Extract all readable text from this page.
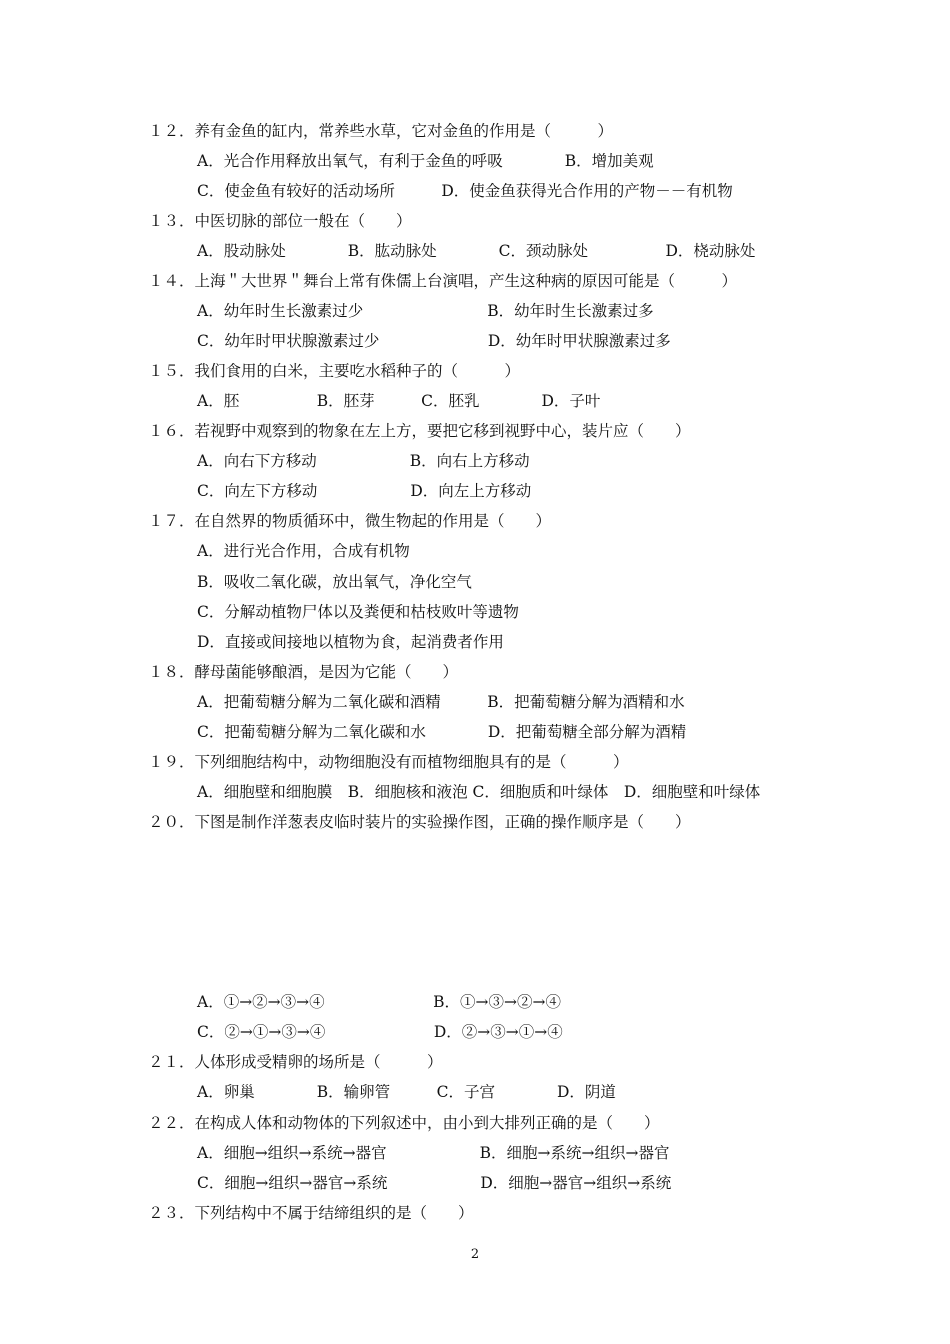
１２．养有金鱼的缸内，常养些水草，它对金鱼的作用是（　　　）
A．光合作用释放出氧气，有利于金鱼的呼吸　　　　B．增加美观
C．使金鱼有较好的活动场所　　　D．使金鱼获得光合作用的产物－－有机物
１３．中医切脉的部位一般在（　　）
A．股动脉处　　　　B．肱动脉处　　　　C．颈动脉处　　　　　D．桡动脉处
１４．上海＂大世界＂舞台上常有侏儒上台演唱，产生这种病的原因可能是（　　　）
A．幼年时生长激素过少　　　　　　　　B．幼年时生长激素过多
C．幼年时甲状腺激素过少　　　　　　　D．幼年时甲状腺激素过多
１５．我们食用的白米，主要吃水稻种子的（　　　）
A．胚　　　　　B．胚芽　　　C．胚乳　　　　D．子叶
１６．若视野中观察到的物象在左上方，要把它移到视野中心，装片应（　　）
A．向右下方移动　　　　　　B．向右上方移动
C．向左下方移动　　　　　　D．向左上方移动
１７．在自然界的物质循环中，微生物起的作用是（　　）
A．进行光合作用，合成有机物
B．吸收二氧化碳，放出氧气，净化空气
C．分解动植物尸体以及粪便和枯枝败叶等遗物
D．直接或间接地以植物为食，起消费者作用
１８．酵母菌能够酿酒，是因为它能（　　）
A．把葡萄糖分解为二氧化碳和酒精　　　B．把葡萄糖分解为酒精和水
C．把葡萄糖分解为二氧化碳和水　　　　D．把葡萄糖全部分解为酒精
１９．下列细胞结构中，动物细胞没有而植物细胞具有的是（　　　）
A．细胞壁和细胞膜　B．细胞核和液泡 C．细胞质和叶绿体　D．细胞壁和叶绿体
２０．下图是制作洋葱表皮临时装片的实验操作图，正确的操作顺序是（　　）
A．①→②→③→④　　　　　　　B．①→③→②→④
C．②→①→③→④　　　　　　　D．②→③→①→④
２１．人体形成受精卵的场所是（　　　）
A．卵巢　　　　B．输卵管　　　C．子宫　　　　D．阴道
２２．在构成人体和动物体的下列叙述中，由小到大排列正确的是（　　）
A．细胞→组织→系统→器官　　　　　　B．细胞→系统→组织→器官
C．细胞→组织→器官→系统　　　　　　D．细胞→器官→组织→系统
２３．下列结构中不属于结缔组织的是（　　）
2
